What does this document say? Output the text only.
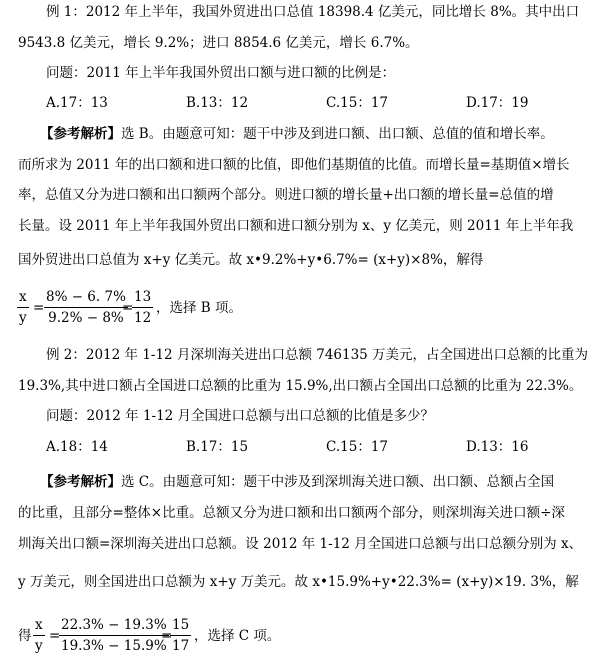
例 1：2012 年上半年，我国外贸进出口总值 18398.4 亿美元，同比增长 8%。其中出口
9543.8 亿美元，增长 9.2%；进口 8854.6 亿美元，增长 6.7%。
问题：2011 年上半年我国外贸出口额与进口额的比例是：
A.17：13	B.13：12	C.15：17	D.17：19
【参考解析】选 B。由题意可知：题干中涉及到进口额、出口额、总值的值和增长率。
而所求为 2011 年的出口额和进口额的比值，即他们基期值的比值。而增长量=基期值×增长
率，总值又分为进口额和出口额两个部分。则进口额的增长量+出口额的增长量=总值的增
长量。设 2011 年上半年我国外贸出口额和进口额分别为 x、y 亿美元，则 2011 年上半年我
国外贸进出口总值为 x+y 亿美元。故 x•9.2%+y•6.7%= (x+y)×8%，解得
$\frac{x}{y} = \frac{8\% - 6. 7\%}{9.2\% - 8\%}$
=
$\frac{13}{12}$ ，选择 B 项。
例 2：2012 年 1-12 月深圳海关进出口总额 746135 万美元，占全国进出口总额的比重为
19.3%,其中进口额占全国进口总额的比重为 15.9%,出口额占全国出口总额的比重为 22.3%。
问题：2012 年 1-12 月全国进口总额与出口总额的比值是多少？
A.18：14	B.17：15	C.15：17	D.13：16
【参考解析】选 C。由题意可知：题干中涉及到深圳海关进口额、出口额、总额占全国
的比重，且部分=整体×比重。总额又分为进口额和出口额两个部分，则深圳海关进口额÷深
圳海关出口额=深圳海关进出口总额。设 2012 年 1-12 月全国进口总额与出口总额分别为 x、
y 万美元，则全国进出口总额为 x+y 万美元。故 x•15.9%+y•22.3%= (x+y)×19. 3%，解
得 $\frac{x}{y}$ =
$\frac{22.3\% - 19.3\%}{19.3\% - 15.9\%}$
=
$\frac{15}{17}$ ，选择 C 项。
